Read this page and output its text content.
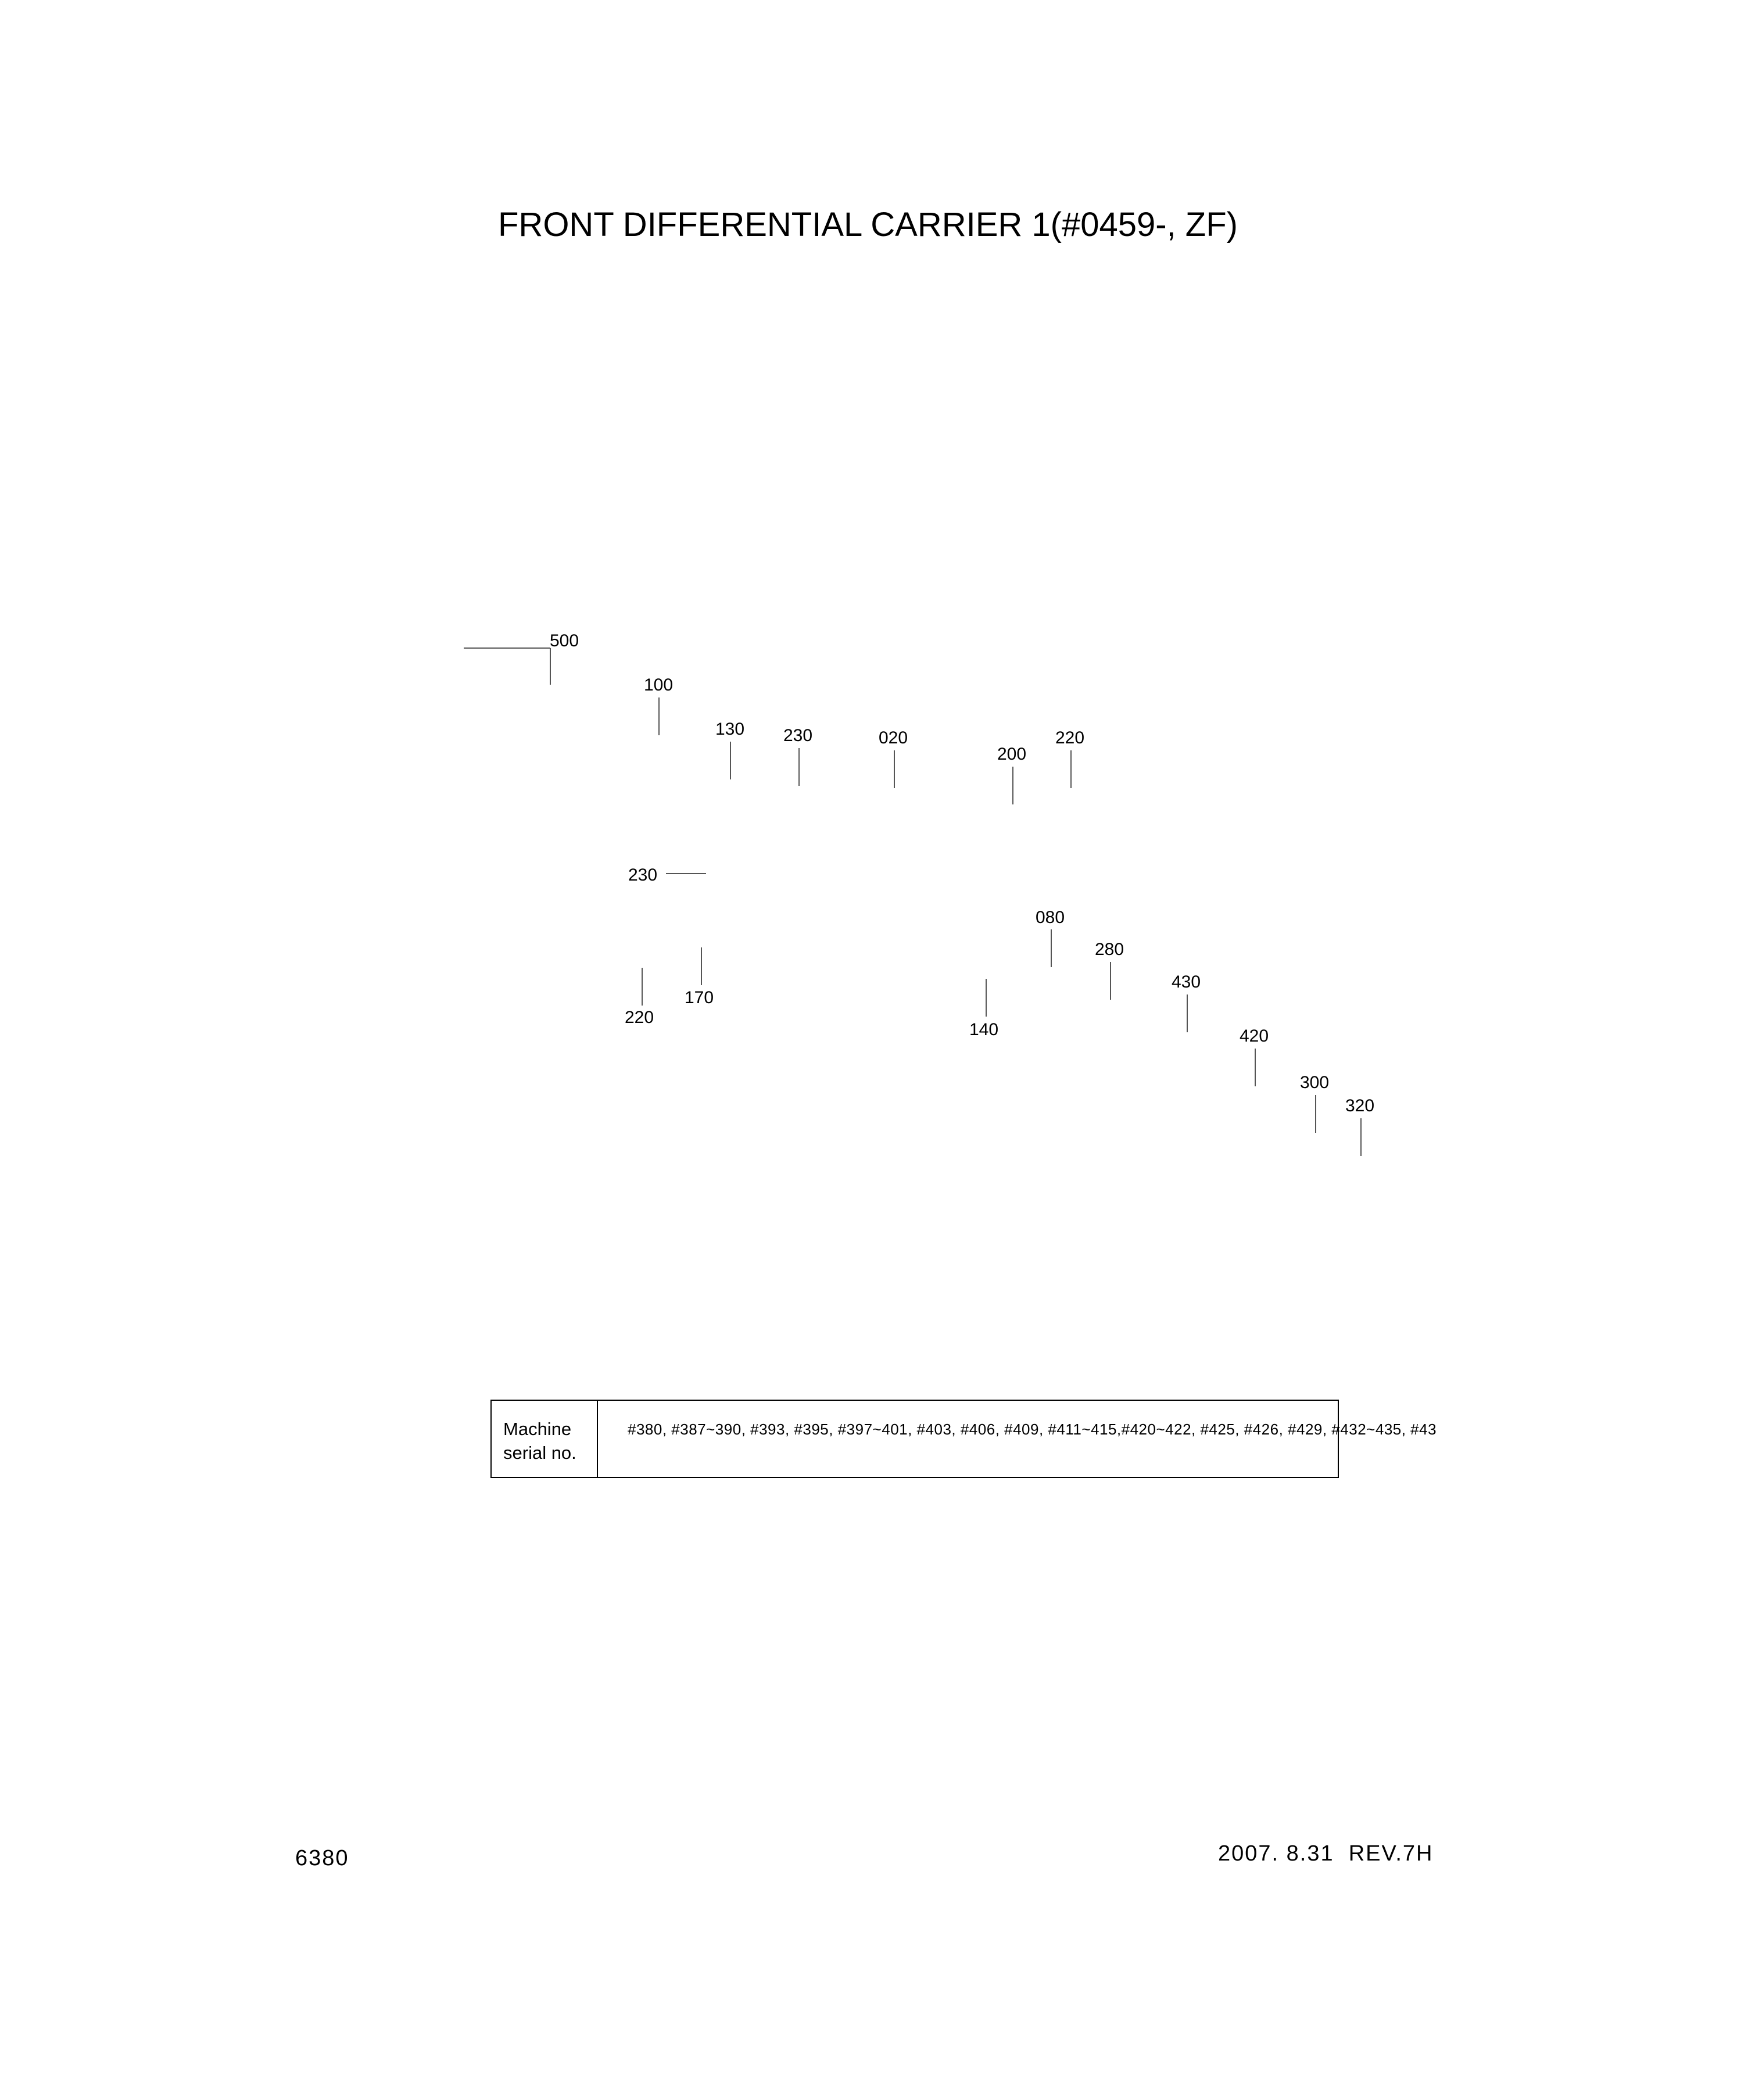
FRONT DIFFERENTIAL CARRIER 1(#0459-, ZF)
500
100
130 230	020
200
220
230
080
280
430
420
300
320
220
170
140
Machine
serial no.
#380, #387~390, #393, #395, #397~401, #403, #406, #409, #411~415,#420~422, #425, #426, #429, #432~435, #43
6380	2007. 8.31  REV.7H
